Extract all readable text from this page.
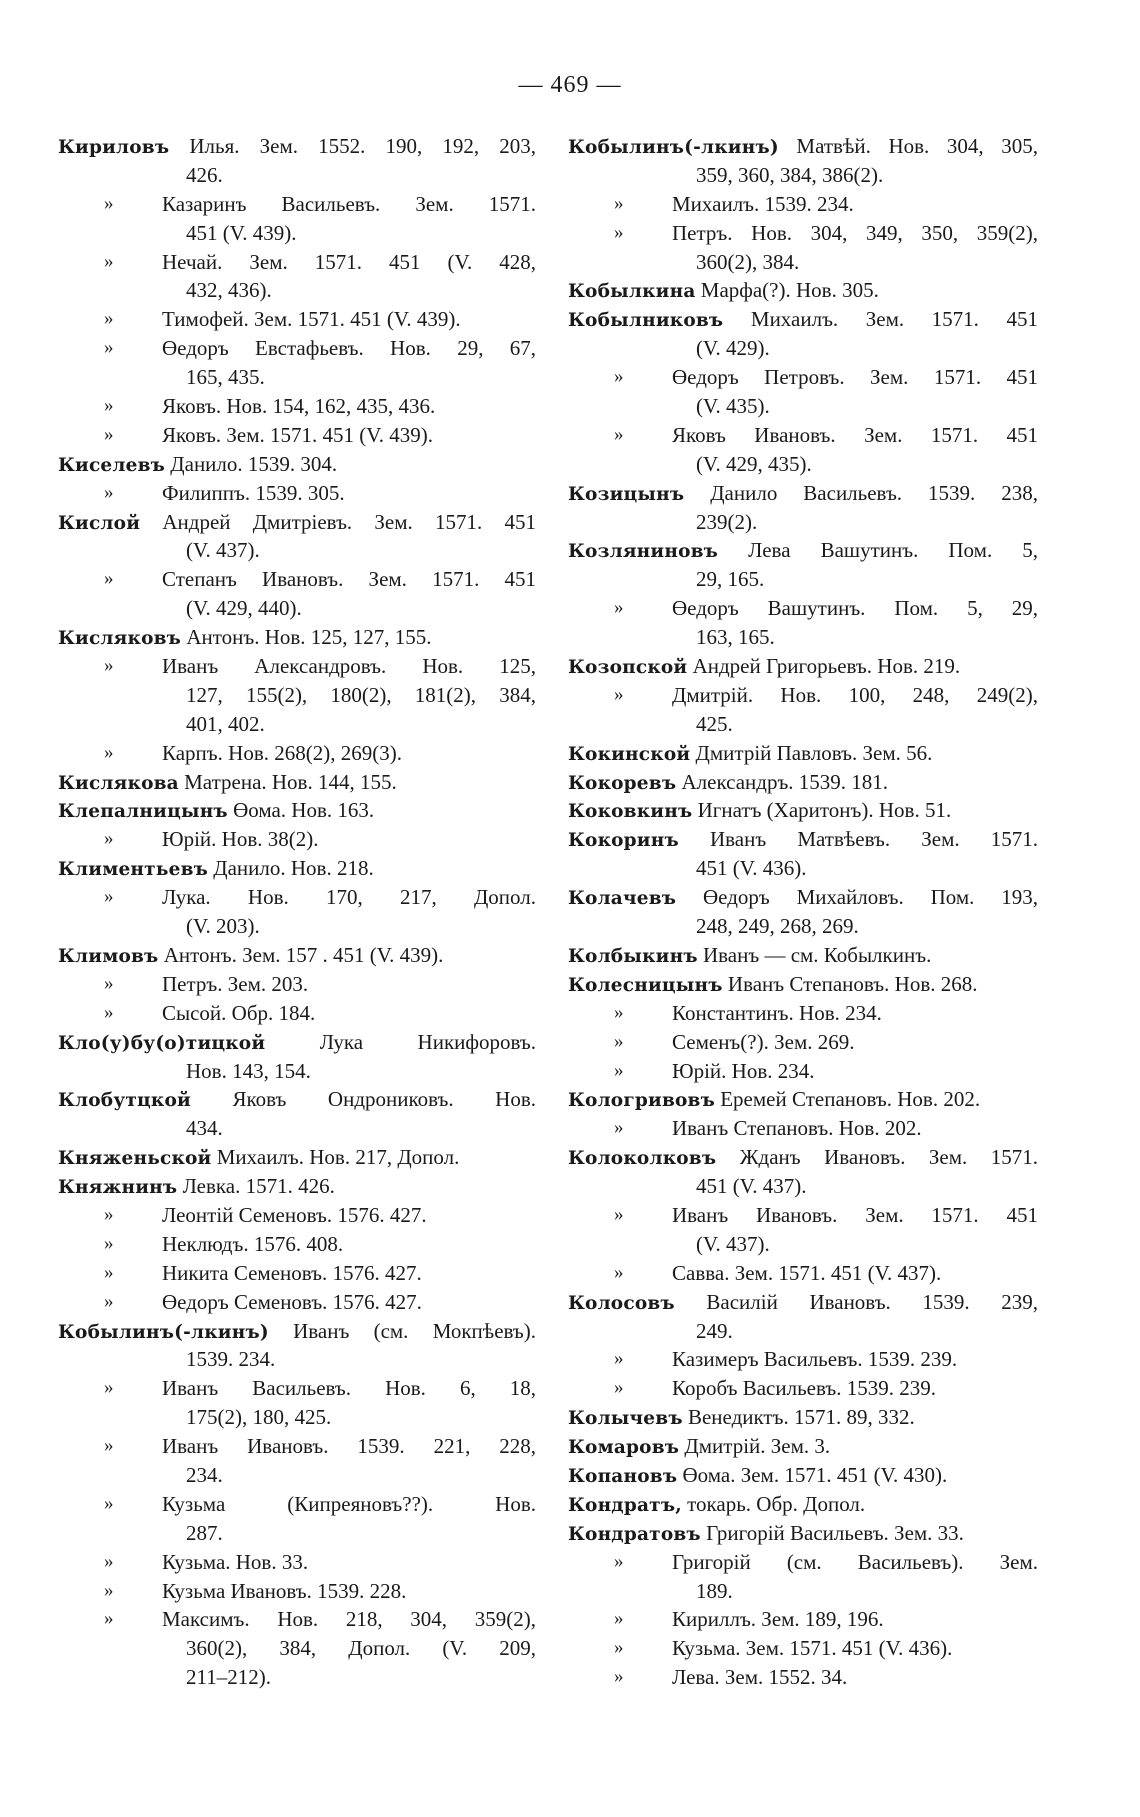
— 469 —
Кириловъ Илья. Зем. 1552. 190, 192, 203,
426.
» Казаринъ Васильевъ. Зем. 1571.
451 (V. 439).
» Нечай. Зем. 1571. 451 (V. 428,
432, 436).
» Тимофей. Зем. 1571. 451 (V. 439).
» Өедоръ Евстафьевъ. Нов. 29, 67,
165, 435.
» Яковъ. Нов. 154, 162, 435, 436.
» Яковъ. Зем. 1571. 451 (V. 439).
Киселевъ Данило. 1539. 304.
» Филиппъ. 1539. 305.
Кислой Андрей Дмитрiевъ. Зем. 1571. 451
(V. 437).
» Степанъ Ивановъ. Зем. 1571. 451
(V. 429, 440).
Кисляковъ Антонъ. Нов. 125, 127, 155.
» Иванъ Александровъ. Нов. 125,
127, 155(2), 180(2), 181(2), 384,
401, 402.
» Карпъ. Нов. 268(2), 269(3).
Кислякова Матрена. Нов. 144, 155.
Клепалницынъ Өома. Нов. 163.
» Юрiй. Нов. 38(2).
Климентьевъ Данило. Нов. 218.
» Лука. Нов. 170, 217, Допол.
(V. 203).
Климовъ Антонъ. Зем. 157 . 451 (V. 439).
» Петръ. Зем. 203.
» Сысой. Обр. 184.
Кло(у)бу(о)тицкой	Лука Никифоровъ.
Нов. 143, 154.
Клобутцкой Яковъ Ондрониковъ. Нов.
434.
Княженьской Михаилъ. Нов. 217, Допол.
Княжнинъ Левка. 1571. 426.
» Леонтiй Семеновъ. 1576. 427.
» Неклюдъ. 1576. 408.
» Никита Семеновъ. 1576. 427.
» Өедоръ Семеновъ. 1576. 427.
Кобылинъ(-лкинъ) Иванъ (см. Мокпѣевъ).
1539. 234.
» Иванъ Васильевъ. Нов. 6, 18,
175(2), 180, 425.
» Иванъ Ивановъ. 1539. 221, 228,
234.
» Кузьма (Кипреяновъ??). Нов.
287.
» Кузьма. Нов. 33.
» Кузьма Ивановъ. 1539. 228.
» Максимъ. Нов. 218, 304, 359(2),
360(2), 384, Допол. (V. 209,
211–212).
Кобылинъ(-лкинъ) Матвѣй. Нов. 304, 305,
359, 360, 384, 386(2).
» Михаилъ. 1539. 234.
» Петръ. Нов. 304, 349, 350, 359(2),
360(2), 384.
Кобылкина Марфа(?). Нов. 305.
Кобылниковъ Михаилъ. Зем. 1571. 451
(V. 429).
» Өедоръ Петровъ. Зем. 1571. 451
(V. 435).
» Яковъ Ивановъ. Зем. 1571. 451
(V. 429, 435).
Козицынъ Данило Васильевъ. 1539. 238,
239(2).
Козляниновъ Лева Вашутинъ. Пом. 5,
29, 165.
» Өедоръ Вашутинъ. Пом. 5, 29,
163, 165.
Козопской Андрей Григорьевъ. Нов. 219.
» Дмитрiй. Нов. 100, 248, 249(2),
425.
Кокинской Дмитрiй Павловъ. Зем. 56.
Кокоревъ Александръ. 1539. 181.
Коковкинъ Игнатъ (Харитонъ). Нов. 51.
Кокоринъ Иванъ Матвѣевъ. Зем. 1571.
451 (V. 436).
Колачевъ Өедоръ Михайловъ. Пом. 193,
248, 249, 268, 269.
Колбыкинъ Иванъ — см. Кобылкинъ.
Колесницынъ Иванъ Степановъ. Нов. 268.
» Константинъ. Нов. 234.
» Семенъ(?). Зем. 269.
» Юрiй. Нов. 234.
Кологривовъ Еремей Степановъ. Нов. 202.
» Иванъ Степановъ. Нов. 202.
Колоколковъ Жданъ Ивановъ. Зем. 1571.
451 (V. 437).
» Иванъ Ивановъ. Зем. 1571. 451
(V. 437).
» Савва. Зем. 1571. 451 (V. 437).
Колосовъ Василiй Ивановъ. 1539. 239,
249.
» Казимеръ Васильевъ. 1539. 239.
» Коробъ Васильевъ. 1539. 239.
Колычевъ Венедиктъ. 1571. 89, 332.
Комаровъ Дмитрiй. Зем. 3.
Копановъ Өома. Зем. 1571. 451 (V. 430).
Кондратъ, токарь. Обр. Допол.
Кондратовъ Григорiй Васильевъ. Зем. 33.
» Григорiй (см. Васильевъ). Зем.
189.
» Кириллъ. Зем. 189, 196.
» Кузьма. Зем. 1571. 451 (V. 436).
» Лева. Зем. 1552. 34.
